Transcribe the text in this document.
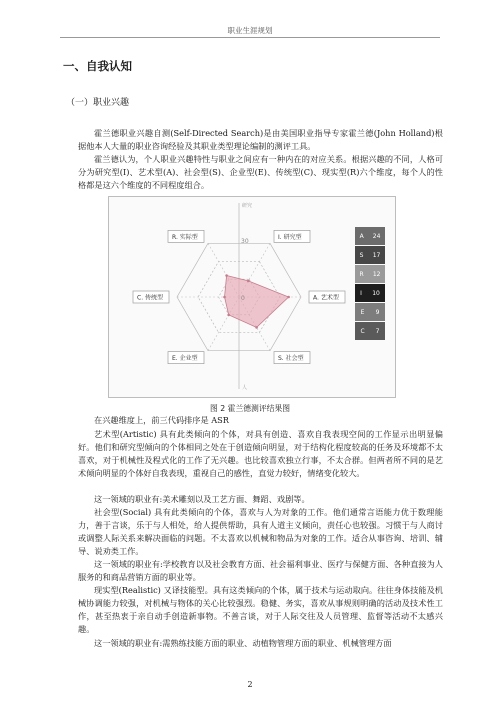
职业生涯规划
一、自我认知
（一）职业兴趣

霍兰德职业兴趣自测(Self-Directed Search)是由美国职业指导专家霍兰德(John Holland)根据他本人大量的职业咨询经验及其职业类型理论编制的测评工具。

霍兰德认为，个人职业兴趣特性与职业之间应有一种内在的对应关系。根据兴趣的不同，人格可分为研究型(I)、艺术型(A)、社会型(S)、企业型(E)、传统型(C)、现实型(R)六个维度，每个人的性格都是这六个维度的不同程度组合。

0
30
研究
人
I. 研究型
A. 艺术型
S. 社会型
E. 企业型
C. 传统型
R. 实际型	A 24
S 17
R 12
I 10
E 9
C 7
图 2 霍兰德测评结果图

在兴趣维度上，前三代码排序是 ASR

艺术型(Artistic) 具有此类倾向的个体，对具有创造、喜欢自我表现空间的工作显示出明显偏好。他们和研究型倾向的个体相同之处在于创造倾向明显，对于结构化程度较高的任务及环境都不太喜欢，对于机械性及程式化的工作了无兴趣。也比较喜欢独立行事，不太合群。但两者所不同的是艺术倾向明显的个体好自我表现，重视自己的感性，直觉力较好，情绪变化较大。

这一领域的职业有:美术雕刻以及工艺方面、舞蹈、戏剧等。

社会型(Social) 具有此类倾向的个体，喜欢与人为对象的工作。他们通常言语能力优于数理能力，善于言谈，乐于与人相处，给人提供帮助，具有人道主义倾向，责任心也较强。习惯于与人商讨或调整人际关系来解决面临的问题。不太喜欢以机械和物品为对象的工作。适合从事咨询、培训、辅导、说劝类工作。

这一领域的职业有:学校教育以及社会教育方面、社会福利事业、医疗与保健方面、各种直接为人服务的和商品营销方面的职业等。

现实型(Realistic) 又译技能型。具有这类倾向的个体，属于技术与运动取向。往往身体技能及机械协调能力较强，对机械与物体的关心比较强烈。稳健、务实，喜欢从事规则明确的活动及技术性工作，甚至热衷于亲自动手创造新事物。不善言谈，对于人际交往及人员管理、监督等活动不太感兴趣。

这一领域的职业有:需熟练技能方面的职业、动植物管理方面的职业、机械管理方面

2
